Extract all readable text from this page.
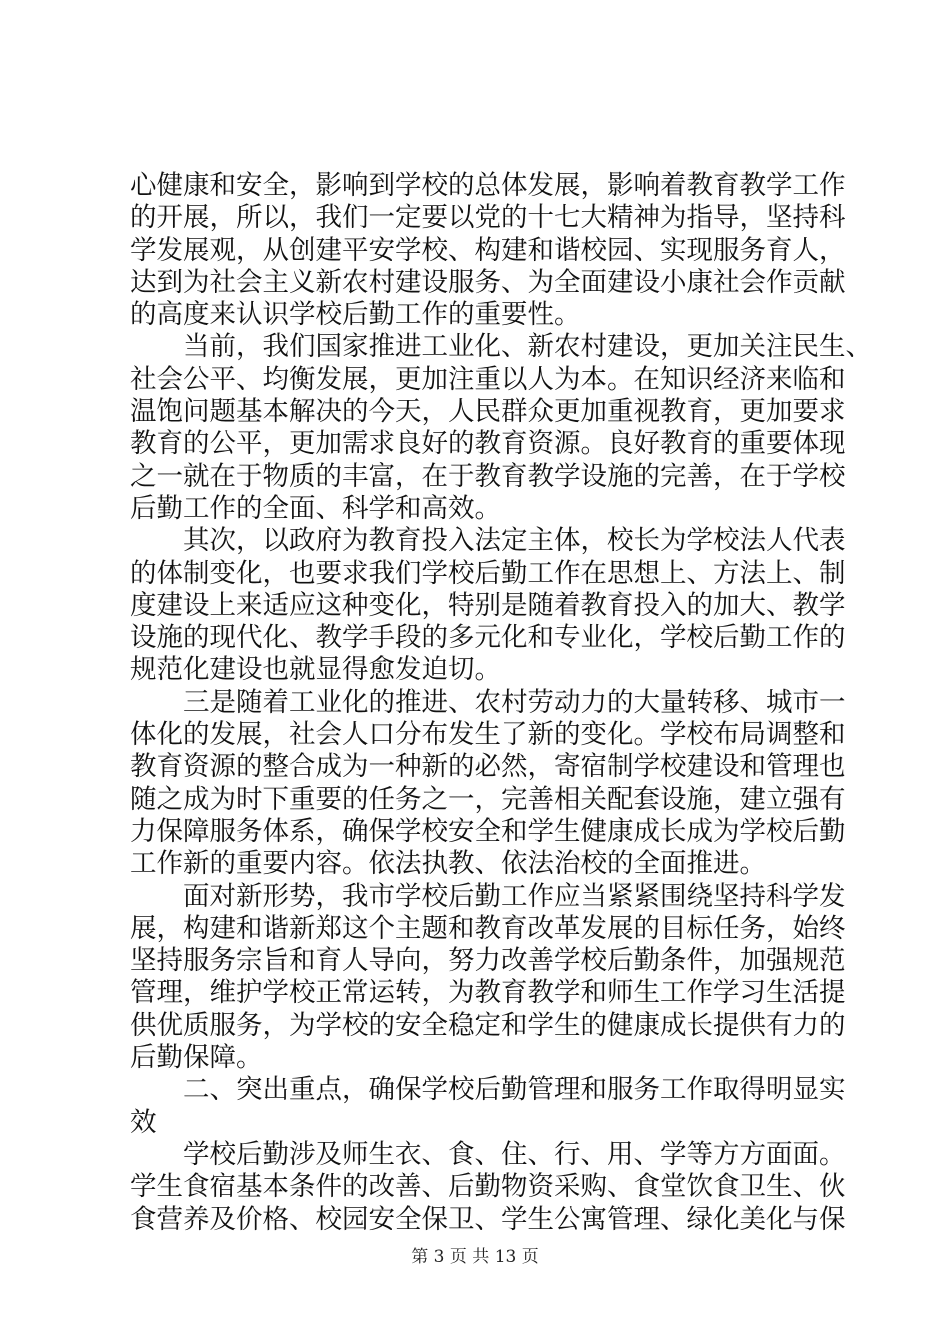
心健康和安全，影响到学校的总体发展，影响着教育教学工作
的开展，所以，我们一定要以党的十七大精神为指导，坚持科
学发展观，从创建平安学校、构建和谐校园、实现服务育人，
达到为社会主义新农村建设服务、为全面建设小康社会作贡献
的高度来认识学校后勤工作的重要性。
当前，我们国家推进工业化、新农村建设，更加关注民生、
社会公平、均衡发展，更加注重以人为本。在知识经济来临和
温饱问题基本解决的今天，人民群众更加重视教育，更加要求
教育的公平，更加需求良好的教育资源。良好教育的重要体现
之一就在于物质的丰富，在于教育教学设施的完善，在于学校
后勤工作的全面、科学和高效。
其次，以政府为教育投入法定主体，校长为学校法人代表
的体制变化，也要求我们学校后勤工作在思想上、方法上、制
度建设上来适应这种变化，特别是随着教育投入的加大、教学
设施的现代化、教学手段的多元化和专业化，学校后勤工作的
规范化建设也就显得愈发迫切。
三是随着工业化的推进、农村劳动力的大量转移、城市一
体化的发展，社会人口分布发生了新的变化。学校布局调整和
教育资源的整合成为一种新的必然，寄宿制学校建设和管理也
随之成为时下重要的任务之一，完善相关配套设施，建立强有
力保障服务体系，确保学校安全和学生健康成长成为学校后勤
工作新的重要内容。依法执教、依法治校的全面推进。
面对新形势，我市学校后勤工作应当紧紧围绕坚持科学发
展，构建和谐新郑这个主题和教育改革发展的目标任务，始终
坚持服务宗旨和育人导向，努力改善学校后勤条件，加强规范
管理，维护学校正常运转，为教育教学和师生工作学习生活提
供优质服务，为学校的安全稳定和学生的健康成长提供有力的
后勤保障。
二、突出重点，确保学校后勤管理和服务工作取得明显实
效
学校后勤涉及师生衣、食、住、行、用、学等方方面面。
学生食宿基本条件的改善、后勤物资采购、食堂饮食卫生、伙
食营养及价格、校园安全保卫、学生公寓管理、绿化美化与保
第 3 页 共 13 页
